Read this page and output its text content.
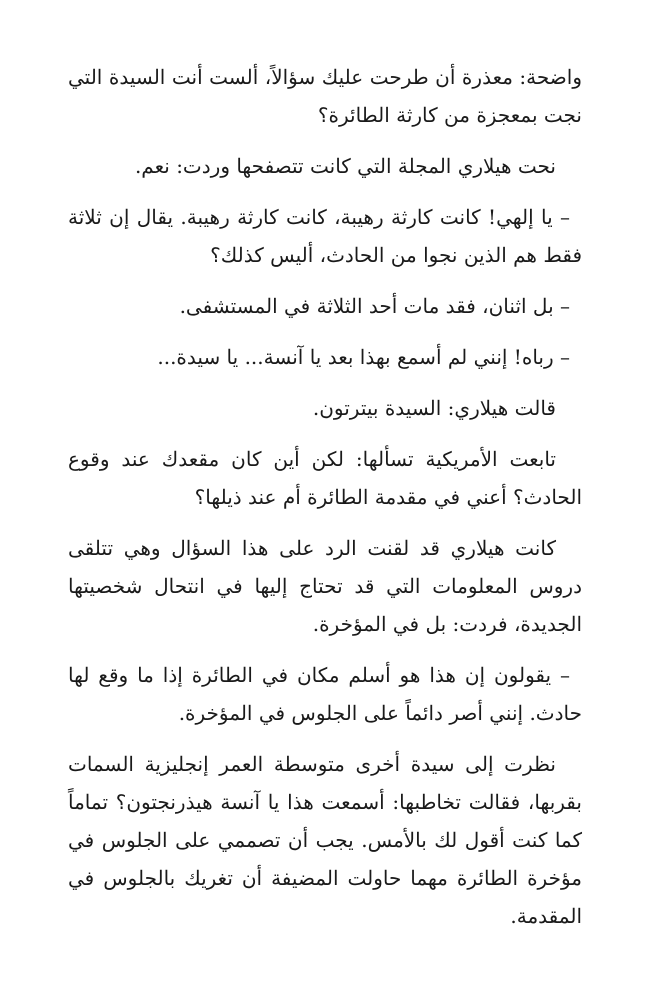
واضحة: معذرة أن طرحت عليك سؤالاً، ألست أنت السيدة التي نجت بمعجزة من كارثة الطائرة؟

نحت هيلاري المجلة التي كانت تتصفحها وردت: نعم.

– يا إلهي! كانت كارثة رهيبة، كانت كارثة رهيبة. يقال إن ثلاثة فقط هم الذين نجوا من الحادث، أليس كذلك؟

– بل اثنان، فقد مات أحد الثلاثة في المستشفى.

– رباه! إنني لم أسمع بهذا بعد يا آنسة... يا سيدة...

قالت هيلاري: السيدة بيترتون.

تابعت الأمريكية تسألها: لكن أين كان مقعدك عند وقوع الحادث؟ أعني في مقدمة الطائرة أم عند ذيلها؟

كانت هيلاري قد لقنت الرد على هذا السؤال وهي تتلقى دروس المعلومات التي قد تحتاج إليها في انتحال شخصيتها الجديدة، فردت: بل في المؤخرة.

– يقولون إن هذا هو أسلم مكان في الطائرة إذا ما وقع لها حادث. إنني أصر دائماً على الجلوس في المؤخرة.

نظرت إلى سيدة أخرى متوسطة العمر إنجليزية السمات بقربها، فقالت تخاطبها: أسمعت هذا يا آنسة هيذرنجتون؟ تماماً كما كنت أقول لك بالأمس. يجب أن تصممي على الجلوس في مؤخرة الطائرة مهما حاولت المضيفة أن تغريك بالجلوس في المقدمة.
